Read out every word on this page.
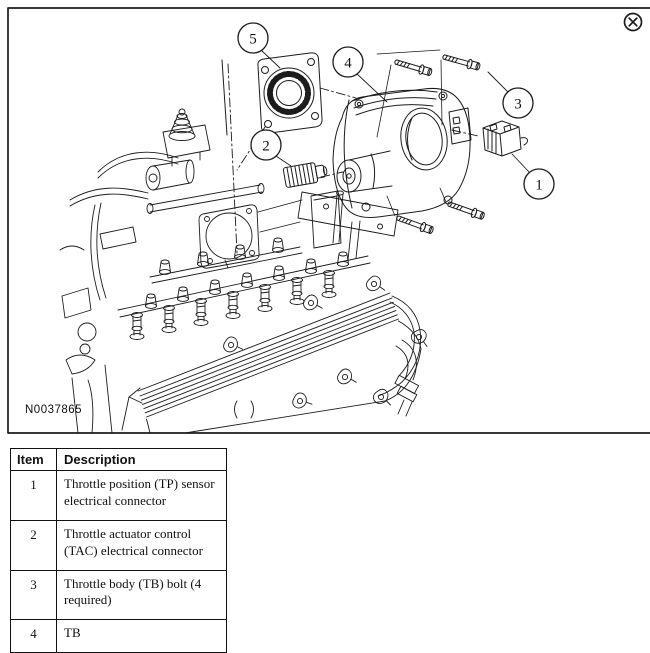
5
4
3
2
1
N0037865
Item	Description
1	Throttle position (TP) sensor electrical connector
2	Throttle actuator control (TAC) electrical connector
3	Throttle body (TB) bolt (4 required)
4	TB
